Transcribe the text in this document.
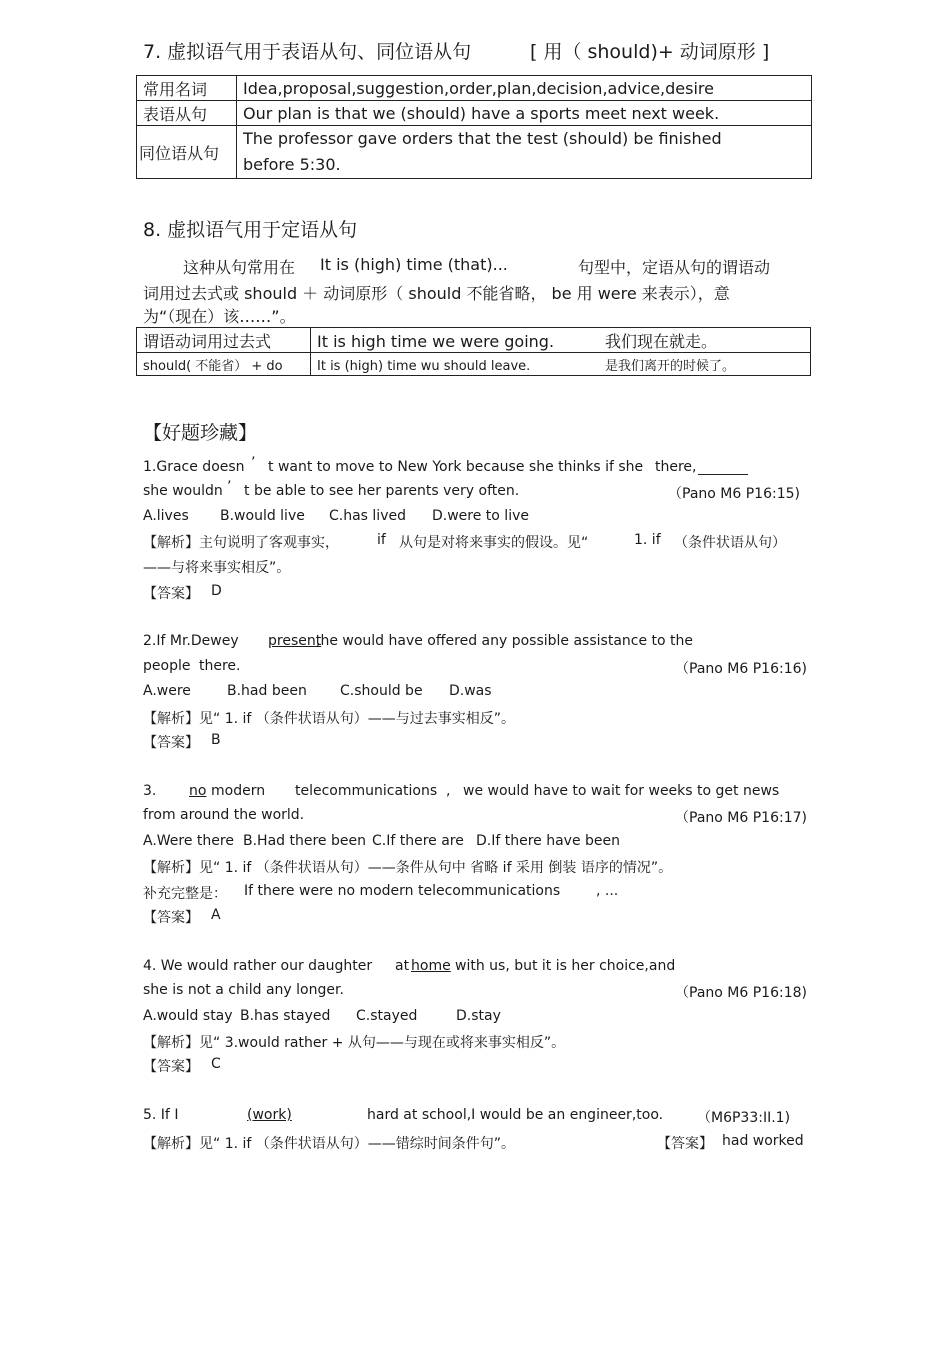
7. 虚拟语气用于表语从句、同位语从句	[ 用（ should)+ 动词原形 ]
常用名词	Idea,proposal,suggestion,order,plan,decision,advice,desire
表语从句	Our plan is that we (should) have a sports meet next week.
同位语从句	The professor gave orders that the test (should) be finished
before 5:30.
8. 虚拟语气用于定语从句
这种从句常用在 It is (high) time (that)...	句型中，定语从句的谓语动
词用过去式或 should ＋ 动词原形（ should 不能省略， be 用 were 来表示），意
为“（现在）该……”。
谓语动词用过去式	It is high time we were going. 我们现在就走。
should( 不能省） + do	It is (high) time wu should leave. 是我们离开的时候了。
【好题珍藏】
1.Grace doesn ’ t want to move to New York because she thinks if she there,
she wouldn ’ t be able to see her parents very often.	（Pano M6 P16:15)
A.lives B.would live C.has lived D.were to live
【解析】主句说明了客观事实，	if 从句是对将来事实的假设。见“	1. if （条件状语从句）
——与将来事实相反”。
【答案】 D
2.If Mr.Dewey	present
,he would have offered any possible assistance to the
people there.	（Pano M6 P16:16)
A.were	B.had been C.should be D.was
【解析】见“ 1. if （条件状语从句）——与过去事实相反”。
【答案】 B
3.	no modern telecommunications , we would have to wait for weeks to get news
from around the world.	（Pano M6 P16:17)
A.Were there B.Had there been C.If there are D.If there have been
【解析】见“ 1. if （条件状语从句）——条件从句中 省略 if 采用 倒装 语序的情况”。
补充完整是： If there were no modern telecommunications	, ...
【答案】 A
4. We would rather our daughter at home with us, but it is her choice,and
she is not a child any longer.	（Pano M6 P16:18)
A.would stay B.has stayed C.stayed	D.stay
【解析】见“ 3.would rather + 从句——与现在或将来事实相反”。
【答案】 C
5. If I	(work)	hard at school,I would be an engineer,too. （M6P33:II.1)
【解析】见“ 1. if （条件状语从句）——错综时间条件句”。	【答案】 had worked
